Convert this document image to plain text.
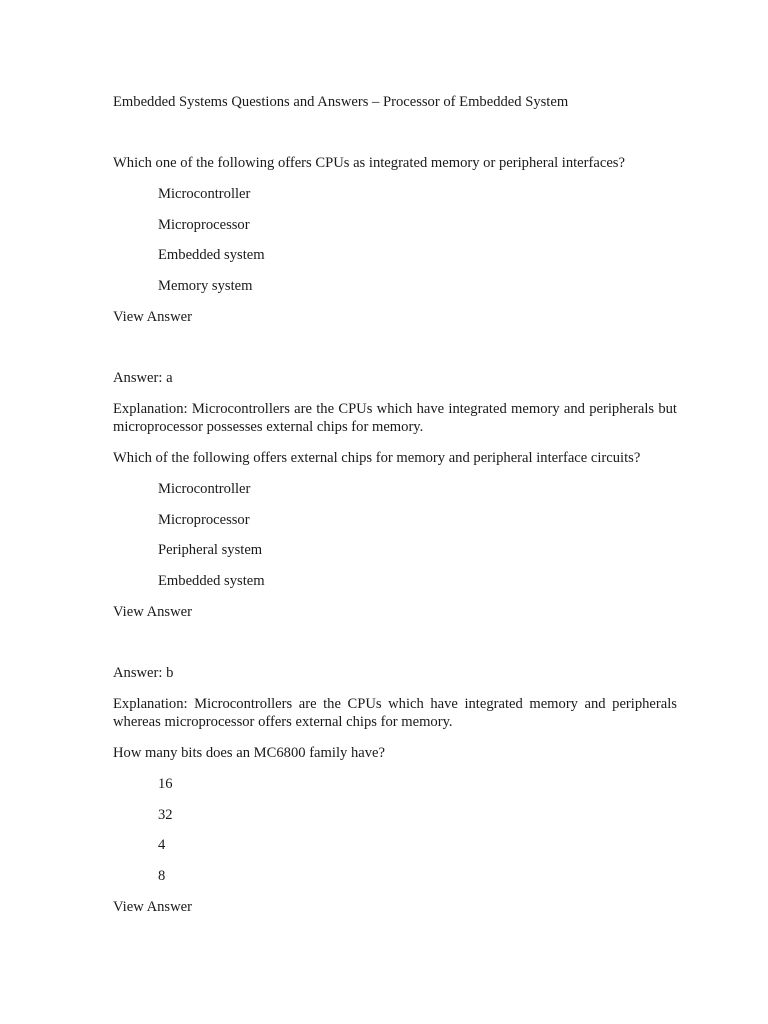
Embedded Systems Questions and Answers – Processor of Embedded System
Which one of the following offers CPUs as integrated memory or peripheral interfaces?
Microcontroller
Microprocessor
Embedded system
Memory system
View Answer
Answer: a
Explanation: Microcontrollers are the CPUs which have integrated memory and peripherals but microprocessor possesses external chips for memory.
Which of the following offers external chips for memory and peripheral interface circuits?
Microcontroller
Microprocessor
Peripheral system
Embedded system
View Answer
Answer: b
Explanation: Microcontrollers are the CPUs which have integrated memory and peripherals whereas microprocessor offers external chips for memory.
How many bits does an MC6800 family have?
16
32
4
8
View Answer
